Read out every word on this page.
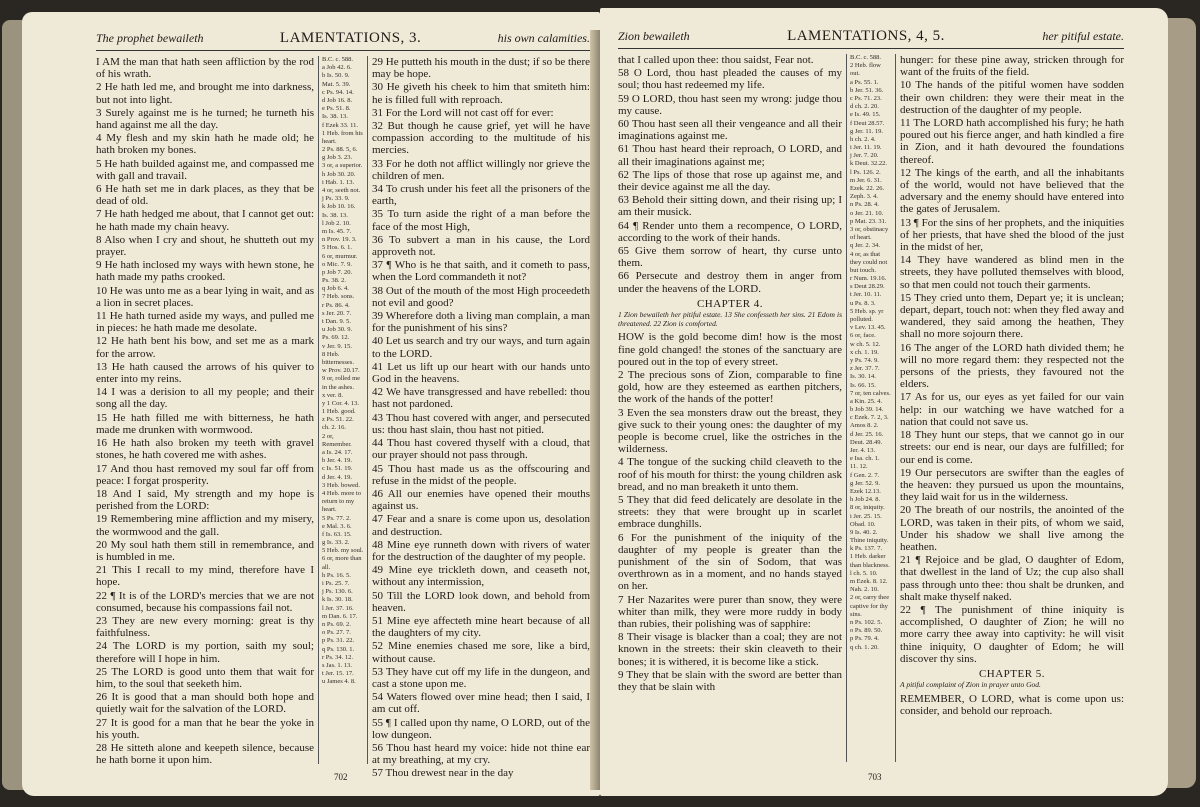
The prophet bewaileth	LAMENTATIONS, 3.	his own calamities.

I AM the man that hath seen affliction by the rod of his wrath.

2 He hath led me, and brought me into darkness, but not into light.

3 Surely against me is he turned; he turneth his hand against me all the day.

4 My flesh and my skin hath he made old; he hath broken my bones.

5 He hath builded against me, and compassed me with gall and travail.

6 He hath set me in dark places, as they that be dead of old.

7 He hath hedged me about, that I cannot get out: he hath made my chain heavy.

8 Also when I cry and shout, he shutteth out my prayer.

9 He hath inclosed my ways with hewn stone, he hath made my paths crooked.

10 He was unto me as a bear lying in wait, and as a lion in secret places.

11 He hath turned aside my ways, and pulled me in pieces: he hath made me desolate.

12 He hath bent his bow, and set me as a mark for the arrow.

13 He hath caused the arrows of his quiver to enter into my reins.

14 I was a derision to all my people; and their song all the day.

15 He hath filled me with bitterness, he hath made me drunken with wormwood.

16 He hath also broken my teeth with gravel stones, he hath covered me with ashes.

17 And thou hast removed my soul far off from peace: I forgat prosperity.

18 And I said, My strength and my hope is perished from the LORD:

19 Remembering mine affliction and my misery, the wormwood and the gall.

20 My soul hath them still in remembrance, and is humbled in me.

21 This I recall to my mind, therefore have I hope.

22 ¶ It is of the LORD's mercies that we are not consumed, because his compassions fail not.

23 They are new every morning: great is thy faithfulness.

24 The LORD is my portion, saith my soul; therefore will I hope in him.

25 The LORD is good unto them that wait for him, to the soul that seeketh him.

26 It is good that a man should both hope and quietly wait for the salvation of the LORD.

27 It is good for a man that he bear the yoke in his youth.

28 He sitteth alone and keepeth silence, because he hath borne it upon him.

B.C. c. 588.
a Job 42. 6.
b Is. 50. 9.
Mat. 5. 39.
c Ps. 94. 14.
d Job 16. 8.
e Ps. 51. 8.
Is. 38. 13.
f Ezek 33. 11.
1 Heb. from his heart.
2 Ps. 88. 5, 6.
g Job 3. 23.
3 or, a superior.
h Job 30. 20.
i Hab. 1. 13.
4 or, seeth not.
j Ps. 33. 9.
k Job 10. 16.
Is. 38. 13.
l Job 2. 10.
m Is. 45. 7.
n Prov. 19. 3.
5 Hos. 6. 1.
6 or, murmur.
o Mic. 7. 9.
p Job 7. 20.
Ps. 38. 2.
q Job 6. 4.
7 Heb. sons.
r Ps. 86. 4.
s Jer. 20. 7.
t Dan. 9. 5.
u Job 30. 9.
Ps. 69. 12.
v Jer. 9. 15.
8 Heb. bitternesses.
w Prov. 20.17.
9 or, rolled me in the ashes.
x ver. 8.
y 1 Cor. 4. 13.
1 Heb. good.
z Ps. 51. 22.
ch. 2. 16.
2 or, Remember.
a Is. 24. 17.
b Jer. 4. 19.
c Is. 51. 19.
d Jer. 4. 19.
3 Heb. bowed.
4 Heb. more to return to my heart.
5 Ps. 77. 2.
e Mal. 3. 6.
f Is. 63. 15.
g Is. 33. 2.
5 Heb. my soul.
6 or, more than all.
h Ps. 16. 5.
i Ps. 25. 7.
j Ps. 130. 6.
k Is. 30. 18.
l Jer. 37. 16.
m Dan. 6. 17.
n Ps. 69. 2.
o Ps. 27. 7.
p Ps. 31. 22.
q Ps. 130. 1.
r Ps. 34. 12.
s Jas. 1. 13.
t Jer. 15. 17.
u James 4. 8.

29 He putteth his mouth in the dust; if so be there may be hope.

30 He giveth his cheek to him that smiteth him: he is filled full with reproach.

31 For the Lord will not cast off for ever:

32 But though he cause grief, yet will he have compassion according to the multitude of his mercies.

33 For he doth not afflict willingly nor grieve the children of men.

34 To crush under his feet all the prisoners of the earth,

35 To turn aside the right of a man before the face of the most High,

36 To subvert a man in his cause, the Lord approveth not.

37 ¶ Who is he that saith, and it cometh to pass, when the Lord commandeth it not?

38 Out of the mouth of the most High proceedeth not evil and good?

39 Wherefore doth a living man complain, a man for the punishment of his sins?

40 Let us search and try our ways, and turn again to the LORD.

41 Let us lift up our heart with our hands unto God in the heavens.

42 We have transgressed and have rebelled: thou hast not pardoned.

43 Thou hast covered with anger, and persecuted us: thou hast slain, thou hast not pitied.

44 Thou hast covered thyself with a cloud, that our prayer should not pass through.

45 Thou hast made us as the offscouring and refuse in the midst of the people.

46 All our enemies have opened their mouths against us.

47 Fear and a snare is come upon us, desolation and destruction.

48 Mine eye runneth down with rivers of water for the destruction of the daughter of my people.

49 Mine eye trickleth down, and ceaseth not, without any intermission,

50 Till the LORD look down, and behold from heaven.

51 Mine eye affecteth mine heart because of all the daughters of my city.

52 Mine enemies chased me sore, like a bird, without cause.

53 They have cut off my life in the dungeon, and cast a stone upon me.

54 Waters flowed over mine head; then I said, I am cut off.

55 ¶ I called upon thy name, O LORD, out of the low dungeon.

56 Thou hast heard my voice: hide not thine ear at my breathing, at my cry.

57 Thou drewest near in the day

702
Zion bewaileth	LAMENTATIONS, 4, 5.	her pitiful estate.

that I called upon thee: thou saidst, Fear not.

58 O Lord, thou hast pleaded the causes of my soul; thou hast redeemed my life.

59 O LORD, thou hast seen my wrong: judge thou my cause.

60 Thou hast seen all their vengeance and all their imaginations against me.

61 Thou hast heard their reproach, O LORD, and all their imaginations against me;

62 The lips of those that rose up against me, and their device against me all the day.

63 Behold their sitting down, and their rising up; I am their musick.

64 ¶ Render unto them a recompence, O LORD, according to the work of their hands.

65 Give them sorrow of heart, thy curse unto them.

66 Persecute and destroy them in anger from under the heavens of the LORD.

CHAPTER 4.
1 Zion bewaileth her pitiful estate. 13 She confesseth her sins. 21 Edom is threatened. 22 Zion is comforted.

HOW is the gold become dim! how is the most fine gold changed! the stones of the sanctuary are poured out in the top of every street.

2 The precious sons of Zion, comparable to fine gold, how are they esteemed as earthen pitchers, the work of the hands of the potter!

3 Even the sea monsters draw out the breast, they give suck to their young ones: the daughter of my people is become cruel, like the ostriches in the wilderness.

4 The tongue of the sucking child cleaveth to the roof of his mouth for thirst: the young children ask bread, and no man breaketh it unto them.

5 They that did feed delicately are desolate in the streets: they that were brought up in scarlet embrace dunghills.

6 For the punishment of the iniquity of the daughter of my people is greater than the punishment of the sin of Sodom, that was overthrown as in a moment, and no hands stayed on her.

7 Her Nazarites were purer than snow, they were whiter than milk, they were more ruddy in body than rubies, their polishing was of sapphire:

8 Their visage is blacker than a coal; they are not known in the streets: their skin cleaveth to their bones; it is withered, it is become like a stick.

9 They that be slain with the sword are better than they that be slain with

B.C. c. 588.
2 Heb. flow out.
a Ps. 55. 1.
b Jer. 51. 36.
c Ps. 71. 23.
d ch. 2. 20.
e Is. 49. 15.
f Deut 28.57.
g Jer. 11. 19.
h ch. 2. 4.
i Jer. 11. 19.
j Jer. 7. 20.
k Deut. 32.22.
l Ps. 126. 2.
m Jer. 6. 31.
Ezek. 22. 26.
Zeph. 3. 4.
n Ps. 28. 4.
o Jer. 21. 10.
p Mat. 23. 31.
3 or, obstinacy of heart.
q Jer. 2. 34.
4 or, as that they could not but touch.
r Num. 19.16.
s Deut 28.29.
t Jer. 10. 11.
u Ps. 8. 3.
5 Heb. sp. yr polluted.
v Lev. 13. 45.
6 or, face.
w ch. 5. 12.
x ch. 1. 19.
y Ps. 74. 9.
z Jer. 37. 7.
Is. 30. 14.
Is. 66. 15.
7 or, ten calves.
a Kin. 25. 4.
b Job 39. 14.
c Ezek. 7. 2, 3.
Amos 8. 2.
d Jer. 25. 16.
Deut. 28.49.
Jer. 4. 13.
e Isa. ch. 1.
11. 12.
f Gen. 2. 7.
g Jer. 52. 9.
Ezek 12.13.
h Job 24. 8.
8 or, iniquity.
i Jer. 25. 15.
Obad. 10.
9 Is. 40. 2.
Thine iniquity.
k Ps. 137. 7.
1 Heb. darker than blackness.
l ch. 5. 10.
m Ezek. 8. 12.
Nah. 2. 10.
2 or, carry thee captive for thy sins.
n Ps. 102. 5.
o Ps. 89. 50.
p Ps. 79. 4.
q ch. 1. 20.

hunger: for these pine away, stricken through for want of the fruits of the field.

10 The hands of the pitiful women have sodden their own children: they were their meat in the destruction of the daughter of my people.

11 The LORD hath accomplished his fury; he hath poured out his fierce anger, and hath kindled a fire in Zion, and it hath devoured the foundations thereof.

12 The kings of the earth, and all the inhabitants of the world, would not have believed that the adversary and the enemy should have entered into the gates of Jerusalem.

13 ¶ For the sins of her prophets, and the iniquities of her priests, that have shed the blood of the just in the midst of her,

14 They have wandered as blind men in the streets, they have polluted themselves with blood, so that men could not touch their garments.

15 They cried unto them, Depart ye; it is unclean; depart, depart, touch not: when they fled away and wandered, they said among the heathen, They shall no more sojourn there.

16 The anger of the LORD hath divided them; he will no more regard them: they respected not the persons of the priests, they favoured not the elders.

17 As for us, our eyes as yet failed for our vain help: in our watching we have watched for a nation that could not save us.

18 They hunt our steps, that we cannot go in our streets: our end is near, our days are fulfilled; for our end is come.

19 Our persecutors are swifter than the eagles of the heaven: they pursued us upon the mountains, they laid wait for us in the wilderness.

20 The breath of our nostrils, the anointed of the LORD, was taken in their pits, of whom we said, Under his shadow we shall live among the heathen.

21 ¶ Rejoice and be glad, O daughter of Edom, that dwellest in the land of Uz; the cup also shall pass through unto thee: thou shalt be drunken, and shalt make thyself naked.

22 ¶ The punishment of thine iniquity is accomplished, O daughter of Zion; he will no more carry thee away into captivity: he will visit thine iniquity, O daughter of Edom; he will discover thy sins.

CHAPTER 5.
A pitiful complaint of Zion in prayer unto God.

REMEMBER, O LORD, what is come upon us: consider, and behold our reproach.

703
